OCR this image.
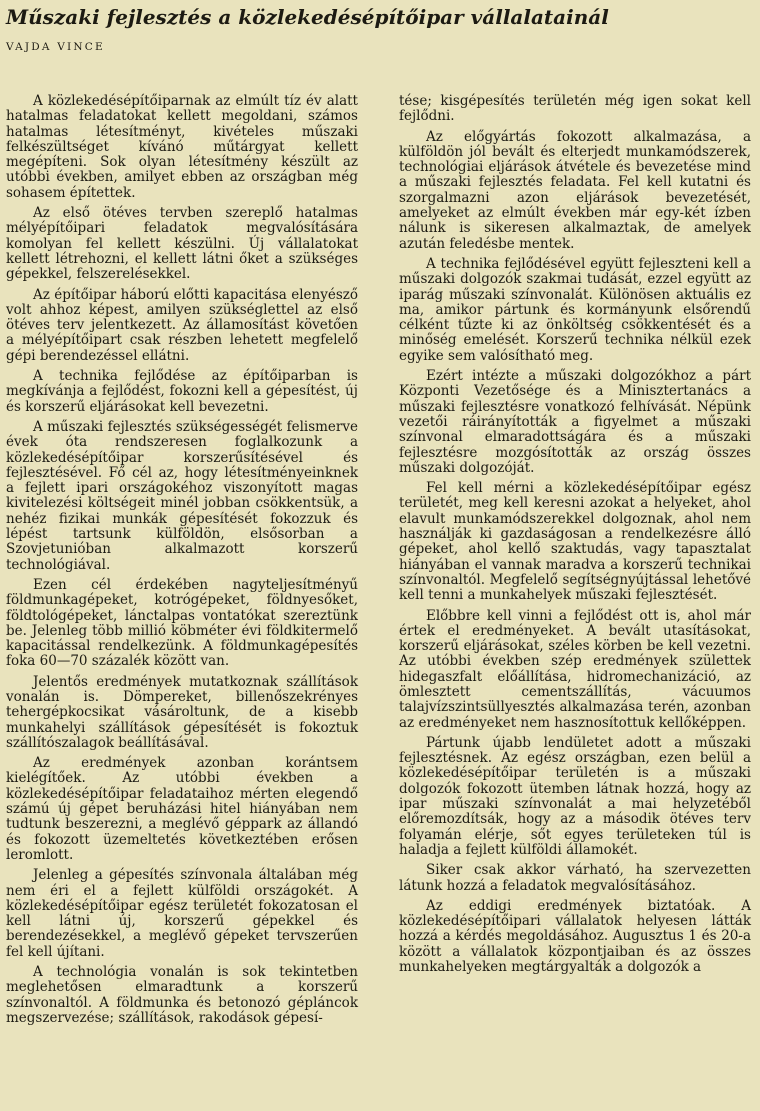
Műszaki fejlesztés a közlekedésépítőipar vállalatainál
VAJDA VINCE

A közlekedésépítőiparnak az elmúlt tíz év alatt hatalmas feladatokat kellett megoldani, számos hatalmas létesítményt, kivételes műszaki felkészültséget kívánó műtárgyat kellett megépíteni. Sok olyan létesítmény készült az utóbbi években, amilyet ebben az országban még sohasem építettek.

Az első ötéves tervben szereplő hatalmas mélyépítőipari feladatok megvalósítására komolyan fel kellett készülni. Új vállalatokat kellett létrehozni, el kellett látni őket a szükséges gépekkel, felszerelésekkel.

Az építőipar háború előtti kapacitása elenyésző volt ahhoz képest, amilyen szükséglettel az első ötéves terv jelentkezett. Az államosítást követően a mélyépítőipart csak részben lehetett megfelelő gépi berendezéssel ellátni.

A technika fejlődése az építőiparban is megkívánja a fejlődést, fokozni kell a gépesítést, új és korszerű eljárásokat kell bevezetni.

A műszaki fejlesztés szükségességét felismerve évek óta rendszeresen foglalkozunk a közlekedésépítőipar korszerűsítésével és fejlesztésével. Fő cél az, hogy létesítményeinknek a fejlett ipari országokéhoz viszonyított magas kivitelezési költségeit minél jobban csökkentsük, a nehéz fizikai munkák gépesítését fokozzuk és lépést tartsunk külföldön, elsősorban a Szovjetunióban alkalmazott korszerű technológiával.

Ezen cél érdekében nagyteljesítményű földmunkagépeket, kotrógépeket, földnyesőket, földtológépeket, lánctalpas vontatókat szereztünk be. Jelenleg több millió köbméter évi földkitermelő kapacitással rendelkezünk. A földmunkagépesítés foka 60—70 százalék között van.

Jelentős eredmények mutatkoznak szállítások vonalán is. Dömpereket, billenőszekrényes tehergépkocsikat vásároltunk, de a kisebb munkahelyi szállítások gépesítését is fokoztuk szállítószalagok beállításával.

Az eredmények azonban korántsem kielégítőek. Az utóbbi években a közlekedésépítőipar feladataihoz mérten elegendő számú új gépet beruházási hitel hiányában nem tudtunk beszerezni, a meglévő géppark az állandó és fokozott üzemeltetés következtében erősen leromlott.

Jelenleg a gépesítés színvonala általában még nem éri el a fejlett külföldi országokét. A közlekedésépítőipar egész területét fokozatosan el kell látni új, korszerű gépekkel és berendezésekkel, a meglévő gépeket tervszerűen fel kell újítani.

A technológia vonalán is sok tekintetben meglehetősen elmaradtunk a korszerű színvonaltól. A földmunka és betonozó gépláncok megszervezése; szállítások, rakodások gépesí-

tése; kisgépesítés területén még igen sokat kell fejlődni.

Az előgyártás fokozott alkalmazása, a külföldön jól bevált és elterjedt munkamódszerek, technológiai eljárások átvétele és bevezetése mind a műszaki fejlesztés feladata. Fel kell kutatni és szorgalmazni azon eljárások bevezetését, amelyeket az elmúlt években már egy-két ízben nálunk is sikeresen alkalmaztak, de amelyek azután feledésbe mentek.

A technika fejlődésével együtt fejleszteni kell a műszaki dolgozók szakmai tudását, ezzel együtt az iparág műszaki színvonalát. Különösen aktuális ez ma, amikor pártunk és kormányunk elsőrendű célként tűzte ki az önköltség csökkentését és a minőség emelését. Korszerű technika nélkül ezek egyike sem valósítható meg.

Ezért intézte a műszaki dolgozókhoz a párt Központi Vezetősége és a Minisztertanács a műszaki fejlesztésre vonatkozó felhívását. Népünk vezetői ráirányították a figyelmet a műszaki színvonal elmaradottságára és a műszaki fejlesztésre mozgósították az ország összes műszaki dolgozóját.

Fel kell mérni a közlekedésépítőipar egész területét, meg kell keresni azokat a helyeket, ahol elavult munkamódszerekkel dolgoznak, ahol nem használják ki gazdaságosan a rendelkezésre álló gépeket, ahol kellő szaktudás, vagy tapasztalat hiányában el vannak maradva a korszerű technikai színvonaltól. Megfelelő segítségnyújtással lehetővé kell tenni a munkahelyek műszaki fejlesztését.

Előbbre kell vinni a fejlődést ott is, ahol már értek el eredményeket. A bevált utasításokat, korszerű eljárásokat, széles körben be kell vezetni. Az utóbbi években szép eredmények születtek hidegaszfalt előállítása, hidromechanizáció, az ömlesztett cementszállítás, vácuumos talajvízszintsüllyesztés alkalmazása terén, azonban az eredményeket nem hasznosítottuk kellőképpen.

Pártunk újabb lendületet adott a műszaki fejlesztésnek. Az egész országban, ezen belül a közlekedésépítőipar területén is a műszaki dolgozók fokozott ütemben látnak hozzá, hogy az ipar műszaki színvonalát a mai helyzetéből előremozdítsák, hogy az a második ötéves terv folyamán elérje, sőt egyes területeken túl is haladja a fejlett külföldi államokét.

Siker csak akkor várható, ha szervezetten látunk hozzá a feladatok megvalósításához.

Az eddigi eredmények biztatóak. A közlekedésépítőipari vállalatok helyesen látták hozzá a kérdés megoldásához. Augusztus 1 és 20-a között a vállalatok központjaiban és az összes munkahelyeken megtárgyalták a dolgozók a
